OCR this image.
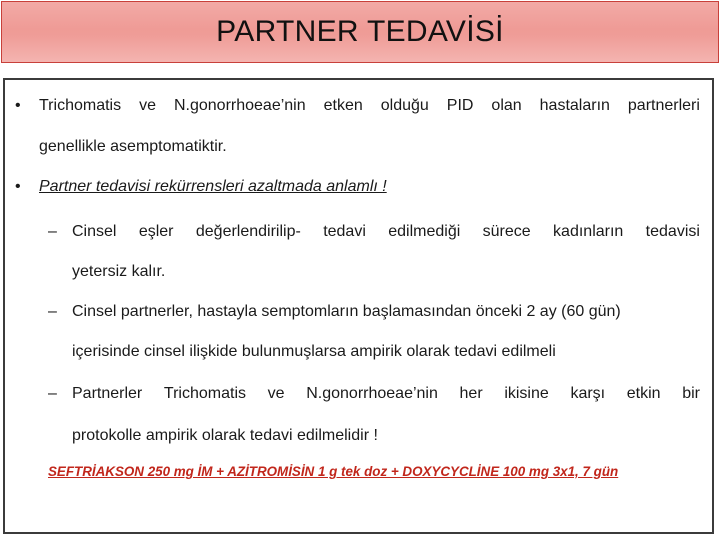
PARTNER TEDAVİSİ
• Trichomatis ve N.gonorrhoeae’nin etken olduğu PID olan hastaların partnerleri
genellikle asemptomatiktir.
• Partner tedavisi rekürrensleri azaltmada anlamlı !
– Cinsel eşler değerlendirilip- tedavi edilmediği sürece kadınların tedavisi
yetersiz kalır.
– Cinsel partnerler, hastayla semptomların başlamasından önceki 2 ay (60 gün)
içerisinde cinsel ilişkide bulunmuşlarsa ampirik olarak tedavi edilmeli
– Partnerler Trichomatis ve N.gonorrhoeae’nin her ikisine karşı etkin bir
protokolle ampirik olarak tedavi edilmelidir !
SEFTRİAKSON 250 mg İM + AZİTROMİSİN 1 g tek doz + DOXYCYCLİNE 100 mg 3x1, 7 gün
